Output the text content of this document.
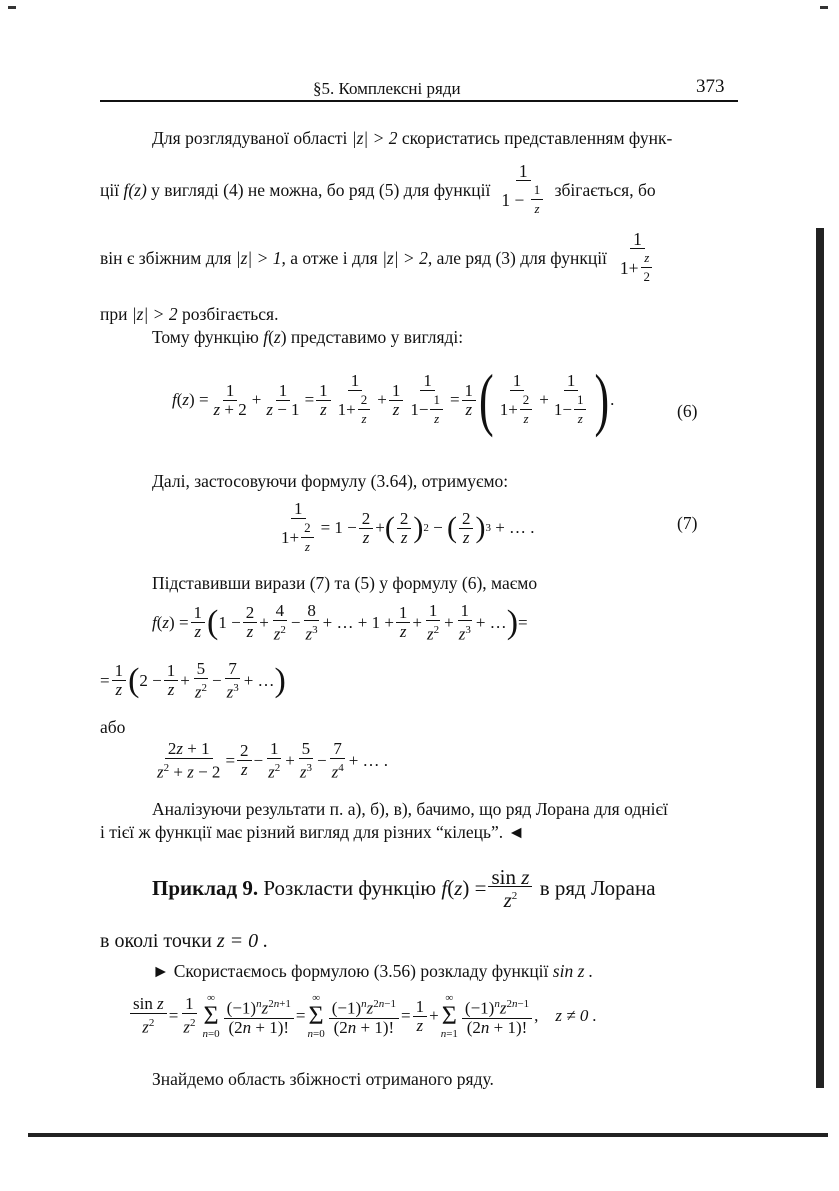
§5. Комплексні ряди	373
Для розглядуваної області |z| > 2 скористатись представленням функ-
ції
f(z)
у вигляді (4) не можна, бо ряд (5) для функції $\frac{1}{1 - \frac{1}{z}}$
збігається, бо
він є збіжним для
|z| > 1 , а отже і для
|z| > 2 , але ряд (3) для функції $\frac{1}{1+ \frac{z}{2}}$
при |z| > 2 розбігається.
Тому функцію f(z) представимо у вигляді:
f ( z ) = $\frac{1}{z + 2} + \frac{1}{z - 1} = \frac{1}{z} \frac{1}{1+ \frac{2}{z}} + \frac{1}{z} \frac{1}{1- \frac{1}{z}} = \frac{1}{z}$ ( $\frac{1}{1+ \frac{2}{z}} + \frac{1}{1- \frac{1}{z}}$ ) .
(6)
Далі, застосовуючи формулу (3.64), отримуємо:
$\frac{1}{1+ \frac{2}{z}} = 1 - \frac{2}{z}$ + ( $\frac{2}{z}$ ) 2 − ( $\frac{2}{z}$ ) 3
+ … .	(7)
Підставивши вирази (7) та (5) у формулу (6), маємо
f ( z ) = $\frac{1}{z}$ ( $1 - \frac{2}{z} + \frac{4}{z^2} - \frac{8}{z^3}$ + … + $1 + \frac{1}{z} + \frac{1}{z^2} + \frac{1}{z^3}$ + … ) =
= $\frac{1}{z}$ ( $2 - \frac{1}{z} + \frac{5}{z^2} - \frac{7}{z^3}$ + … )
або
$\frac{2z + 1}{z^2 + z - 2} = \frac{2}{z} - \frac{1}{z^2} + \frac{5}{z^3} - \frac{7}{z^4}$ + … .
Аналізуючи результати п. а), б), в), бачимо, що ряд Лорана для однієї
і тієї ж функції має різний вигляд для різних “кілець”. ◄
Приклад 9.
Розкласти функцію
f ( z ) = $\frac{\text{sin z}}{z^2}$
в ряд Лорана
в околі точки z = 0 .
► Скористаємось формулою (3.56) розкладу функції sin z .
$\frac{\text{sin z}}{z^2} = \frac{1}{z^2}$ ∞
Σ
$n=0 \frac{(-1)^nz^{2n+1}}{(2n + 1)!}$ =
∞
Σ
$n=0 \frac{(-1)^nz^{2n-1}}{(2n + 1)!} = \frac{1}{z}$ +
∞
Σ
$n=1 \frac{(-1)^nz^{2n-1}}{(2n + 1)!}$ , z ≠ 0 .
Знайдемо область збіжності отриманого ряду.
